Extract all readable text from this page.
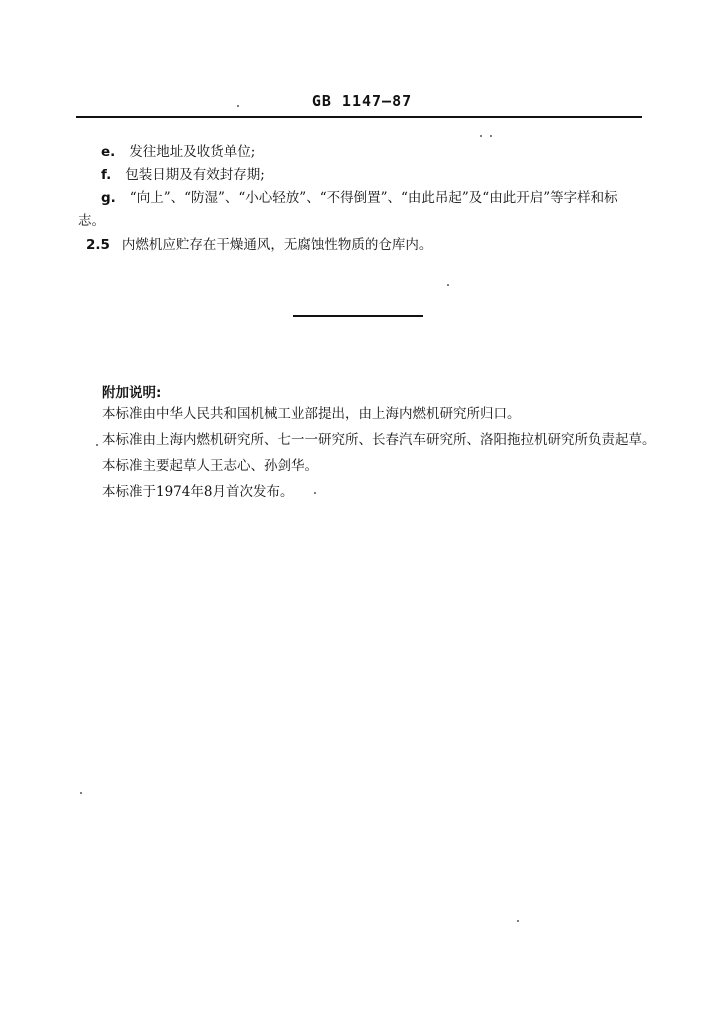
GB 1147—87
e. 发往地址及收货单位;
f. 包装日期及有效封存期;
g. “向上”、“防湿”、“小心轻放”、“不得倒置”、“由此吊起”及“由此开启”等字样和标
志。
2.5 内燃机应贮存在干燥通风，无腐蚀性物质的仓库内。
附加说明:
本标准由中华人民共和国机械工业部提出，由上海内燃机研究所归口。
本标准由上海内燃机研究所、七一一研究所、长春汽车研究所、洛阳拖拉机研究所负责起草。
本标准主要起草人王志心、孙剑华。
本标准于1974年8月首次发布。
